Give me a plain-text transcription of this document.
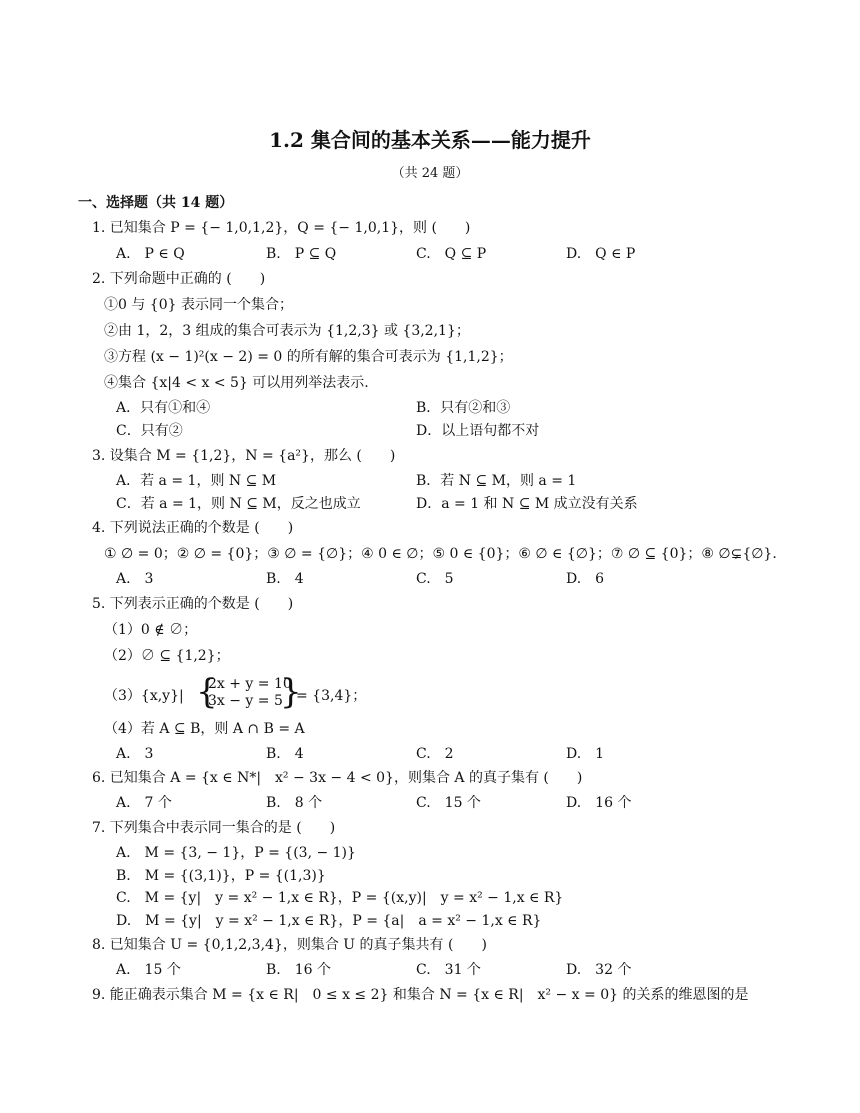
1.2 集合间的基本关系——能力提升
（共 24 题）
一、选择题（共 14 题）
1. 已知集合 P = {− 1,0,1,2}，Q = {− 1,0,1}，则 (　　)
A.　P ∈ Q	B.　P ⊆ Q	C.　Q ⊆ P	D.　Q ∈ P
2. 下列命题中正确的 (　　)
①0 与 {0} 表示同一个集合；
②由 1，2，3 组成的集合可表示为 {1,2,3} 或 {3,2,1}；
③方程 (x − 1)²(x − 2) = 0 的所有解的集合可表示为 {1,1,2}；
④集合 {x|4 < x < 5} 可以用列举法表示.
A．只有①和④	B．只有②和③
C．只有②	D．以上语句都不对
3. 设集合 M = {1,2}，N = {a²}，那么 (　　)
A．若 a = 1，则 N ⊆ M	B．若 N ⊆ M，则 a = 1
C．若 a = 1，则 N ⊆ M，反之也成立	D．a = 1 和 N ⊆ M 成立没有关系
4. 下列说法正确的个数是 (　　)
① ∅ = 0；② ∅ = {0}；③ ∅ = {∅}；④ 0 ∈ ∅；⑤ 0 ∈ {0}；⑥ ∅ ∈ {∅}；⑦ ∅ ⊆ {0}；⑧ ∅⊊{∅}.
A.　3	B.　4	C.　5	D.　6
5. 下列表示正确的个数是 (　　)
（1）0 ∉ ∅；
（2）∅ ⊆ {1,2}；
（3）{x,y}| {
2x + y = 10
3x − y = 5
}
= {3,4}；
（4）若 A ⊆ B，则 A ∩ B = A
A.　3	B.　4	C.　2	D.　1
6. 已知集合 A = {x ∈ N*|　x² − 3x − 4 < 0}，则集合 A 的真子集有 (　　)
A.　7 个	B.　8 个	C.　15 个	D.　16 个
7. 下列集合中表示同一集合的是 (　　)
A.　M = {3, − 1}，P = {(3, − 1)}
B.　M = {(3,1)}，P = {(1,3)}
C.　M = {y|　y = x² − 1,x ∈ R}，P = {(x,y)|　y = x² − 1,x ∈ R}
D.　M = {y|　y = x² − 1,x ∈ R}，P = {a|　a = x² − 1,x ∈ R}
8. 已知集合 U = {0,1,2,3,4}，则集合 U 的真子集共有 (　　)
A.　15 个	B.　16 个	C.　31 个	D.　32 个
9. 能正确表示集合 M = {x ∈ R|　0 ≤ x ≤ 2} 和集合 N = {x ∈ R|　x² − x = 0} 的关系的维恩图的是
